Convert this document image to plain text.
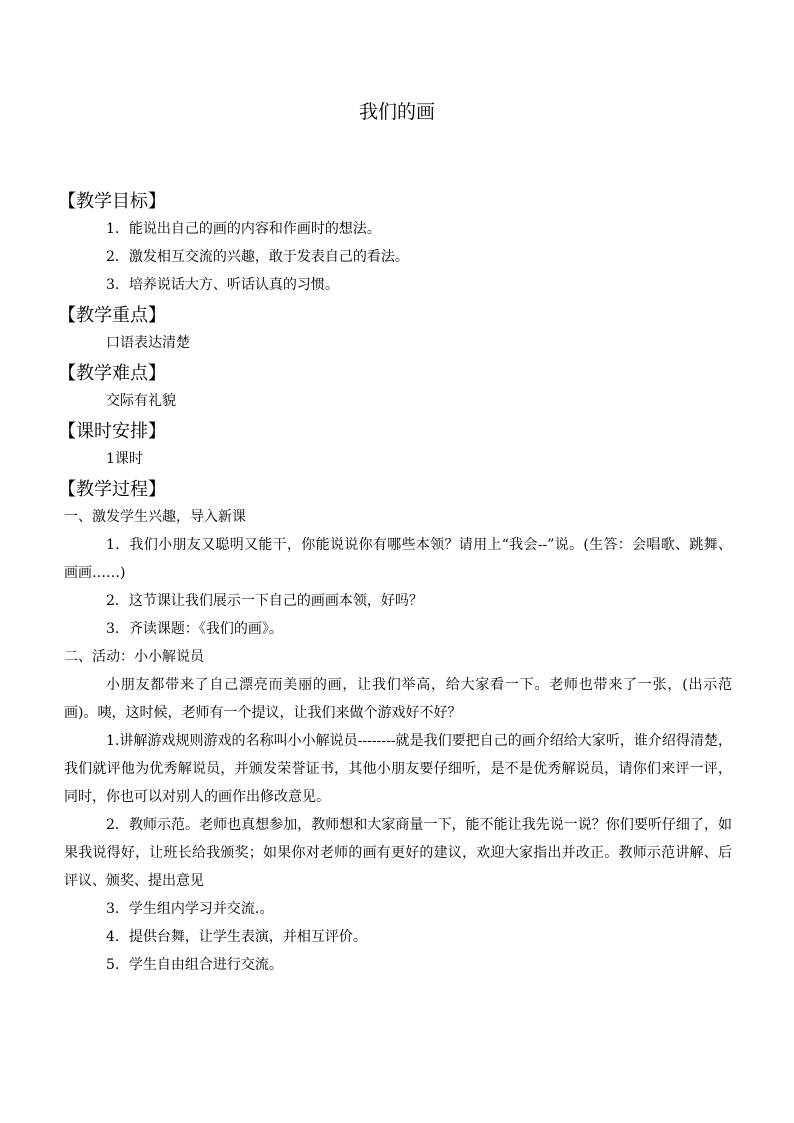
我们的画
【教学目标】
1．能说出自己的画的内容和作画时的想法。
2．激发相互交流的兴趣，敢于发表自己的看法。
3．培养说话大方、听话认真的习惯。
【教学重点】
口语表达清楚
【教学难点】
交际有礼貌
【课时安排】
1课时
【教学过程】
一、激发学生兴趣，导入新课
1．我们小朋友又聪明又能干，你能说说你有哪些本领？请用上“我会--”说。(生答：会唱歌、跳舞、画画……)
2．这节课让我们展示一下自己的画画本领，好吗？
3．齐读课题：《我们的画》。
二、活动：小小解说员
小朋友都带来了自己漂亮而美丽的画，让我们举高，给大家看一下。老师也带来了一张，(出示范画)。咦，这时候，老师有一个提议，让我们来做个游戏好不好？
1.讲解游戏规则游戏的名称叫小小解说员--------就是我们要把自己的画介绍给大家听，谁介绍得清楚，我们就评他为优秀解说员，并颁发荣誉证书，其他小朋友要仔细听，是不是优秀解说员，请你们来评一评，同时，你也可以对别人的画作出修改意见。
2．教师示范。老师也真想参加，教师想和大家商量一下，能不能让我先说一说？你们要听仔细了，如果我说得好，让班长给我颁奖；如果你对老师的画有更好的建议，欢迎大家指出并改正。教师示范讲解、后评议、颁奖、提出意见
3．学生组内学习并交流.。
4．提供台舞，让学生表演，并相互评价。
5．学生自由组合进行交流。
